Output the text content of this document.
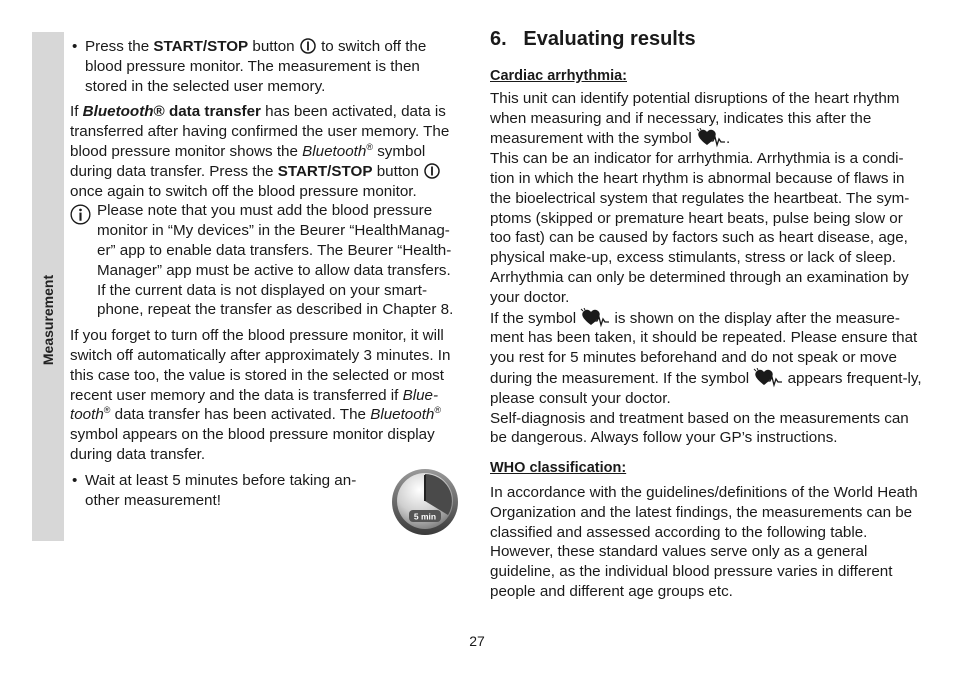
Measurement

• Press the START/STOP button  to switch off the blood pressure monitor. The measurement is then stored in the selected user memory.

If Bluetooth® data transfer has been activated, data is transferred after having confirmed the user memory. The blood pressure monitor shows the Bluetooth® symbol during data transfer. Press the START/STOP button  once again to switch off the blood pressure monitor.

Please note that you must add the blood pressure monitor in “My devices” in the Beurer “HealthManag-er” app to enable data transfers. The Beurer “Health-Manager” app must be active to allow data transfers. If the current data is not displayed on your smart-phone, repeat the transfer as described in Chapter 8.

If you forget to turn off the blood pressure monitor, it will switch off automatically after approximately 3 minutes. In this case too, the value is stored in the selected or most recent user memory and the data is transferred if Blue-tooth® data transfer has been activated. The Bluetooth® symbol appears on the blood pressure monitor display during data transfer.

• Wait at least 5 minutes before taking an-other measurement!

5 min
6.   Evaluating results

Cardiac arrhythmia:

This unit can identify potential disruptions of the heart rhythm when measuring and if necessary, indicates this after the measurement with the symbol .

This can be an indicator for arrhythmia. Arrhythmia is a condi-tion in which the heart rhythm is abnormal because of flaws in the bioelectrical system that regulates the heartbeat. The sym-ptoms (skipped or premature heart beats, pulse being slow or too fast) can be caused by factors such as heart disease, age, physical make-up, excess stimulants, stress or lack of sleep. Arrhythmia can only be determined through an examination by your doctor.

If the symbol  is shown on the display after the measure-ment has been taken, it should be repeated. Please ensure that you rest for 5 minutes beforehand and do not speak or move during the measurement. If the symbol  appears frequent-ly, please consult your doctor.

Self-diagnosis and treatment based on the measurements can be dangerous. Always follow your GP’s instructions.

WHO classification:

In accordance with the guidelines/definitions of the World Heath Organization and the latest findings, the measurements can be classified and assessed according to the following table.

However, these standard values serve only as a general guideline, as the individual blood pressure varies in different people and different age groups etc.

27
